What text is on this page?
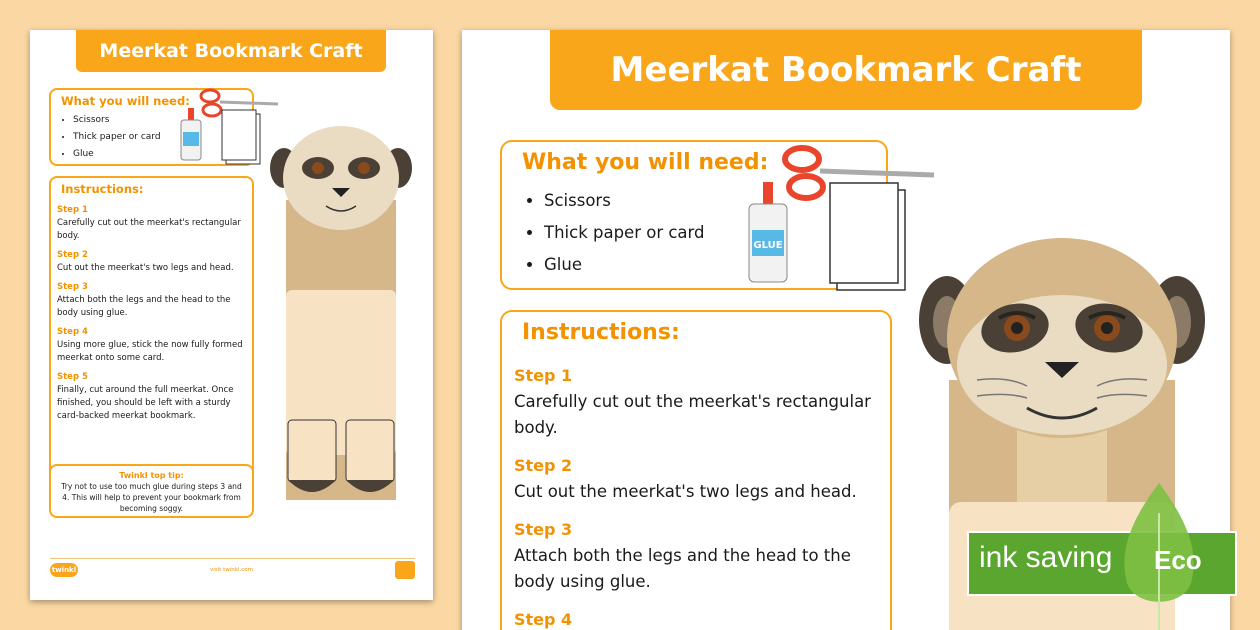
Meerkat Bookmark Craft
What you will need:
• Scissors
• Thick paper or card
• Glue
Instructions:

Step 1

Carefully cut out the meerkat's rectangular body.

Step 2

Cut out the meerkat's two legs and head.

Step 3

Attach both the legs and the head to the body using glue.

Step 4

Using more glue, stick the now fully formed meerkat onto some card.

Step 5

Finally, cut around the full meerkat. Once finished, you should be left with a sturdy card-backed meerkat bookmark.

Twinkl top tip:

Try not to use too much glue during steps 3 and 4. This will help to prevent your bookmark from becoming soggy.

twinkl	visit twinkl.com
Meerkat Bookmark Craft
What you will need:
• Scissors
• Thick paper or card
• Glue
GLUE
Instructions:

Step 1

Carefully cut out the meerkat's rectangular body.

Step 2

Cut out the meerkat's two legs and head.

Step 3

Attach both the legs and the head to the body using glue.

Step 4

ink saving Eco
